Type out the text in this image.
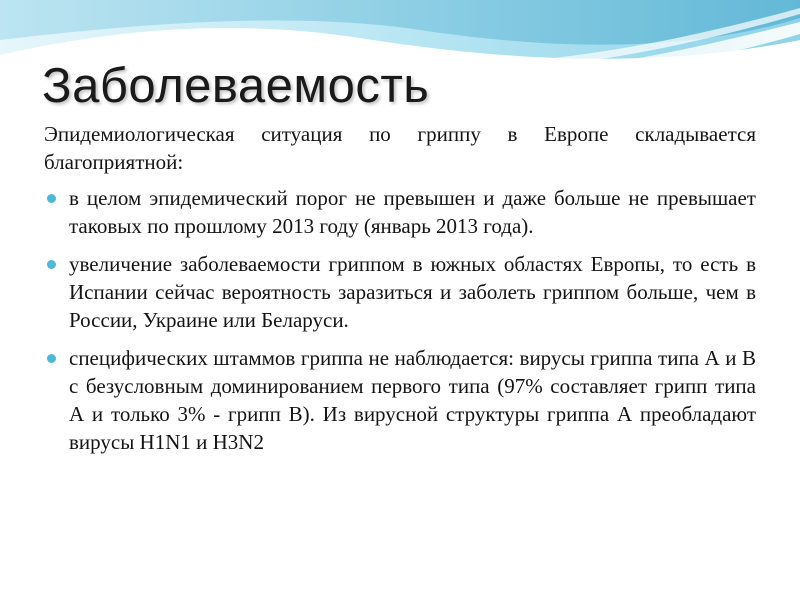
Заболеваемость

Эпидемиологическая ситуация по гриппу в Европе складывается благоприятной:

в целом эпидемический порог не превышен и даже больше не превышает таковых по прошлому 2013 году (январь 2013 года).
увеличение заболеваемости гриппом в южных областях Европы, то есть в Испании сейчас вероятность заразиться и заболеть гриппом больше, чем в России, Украине или Беларуси.
специфических штаммов гриппа не наблюдается: вирусы гриппа типа А и В с безусловным доминированием первого типа (97% составляет грипп типа А и только 3% - грипп В). Из вирусной структуры гриппа А преобладают вирусы H1N1 и H3N2
